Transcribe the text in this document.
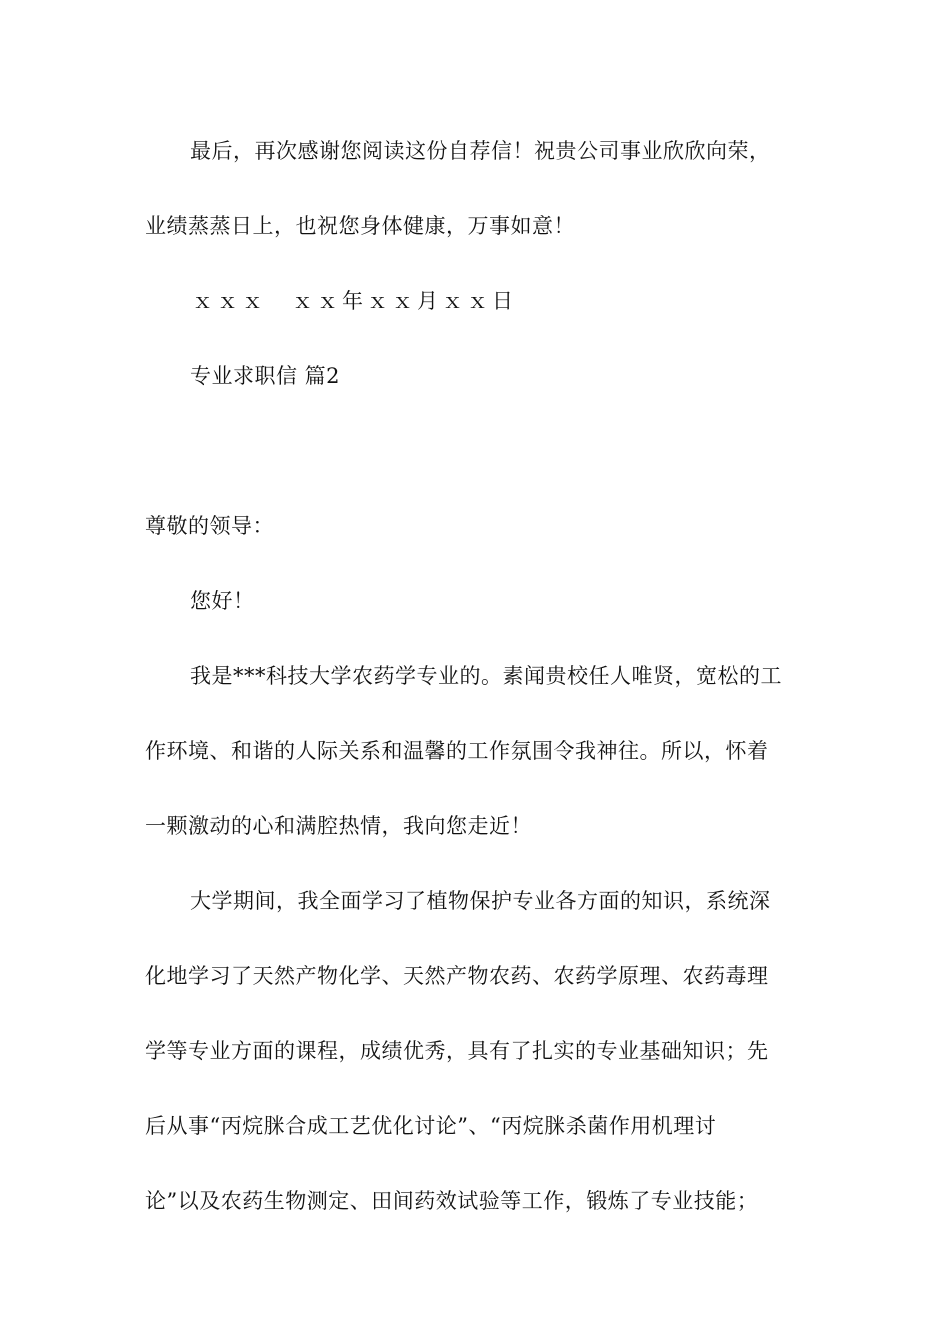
最后，再次感谢您阅读这份自荐信！祝贵公司事业欣欣向荣，
业绩蒸蒸日上，也祝您身体健康，万事如意！
ｘｘｘ　ｘｘ年ｘｘ月ｘｘ日
专业求职信 篇2
尊敬的领导：
您好！
我是***科技大学农药学专业的。素闻贵校任人唯贤，宽松的工
作环境、和谐的人际关系和温馨的工作氛围令我神往。所以，怀着
一颗激动的心和满腔热情，我向您走近！
大学期间，我全面学习了植物保护专业各方面的知识，系统深
化地学习了天然产物化学、天然产物农药、农药学原理、农药毒理
学等专业方面的课程，成绩优秀，具有了扎实的专业基础知识；先
后从事“丙烷脒合成工艺优化讨论”、“丙烷脒杀菌作用机理讨
论”以及农药生物测定、田间药效试验等工作，锻炼了专业技能；
